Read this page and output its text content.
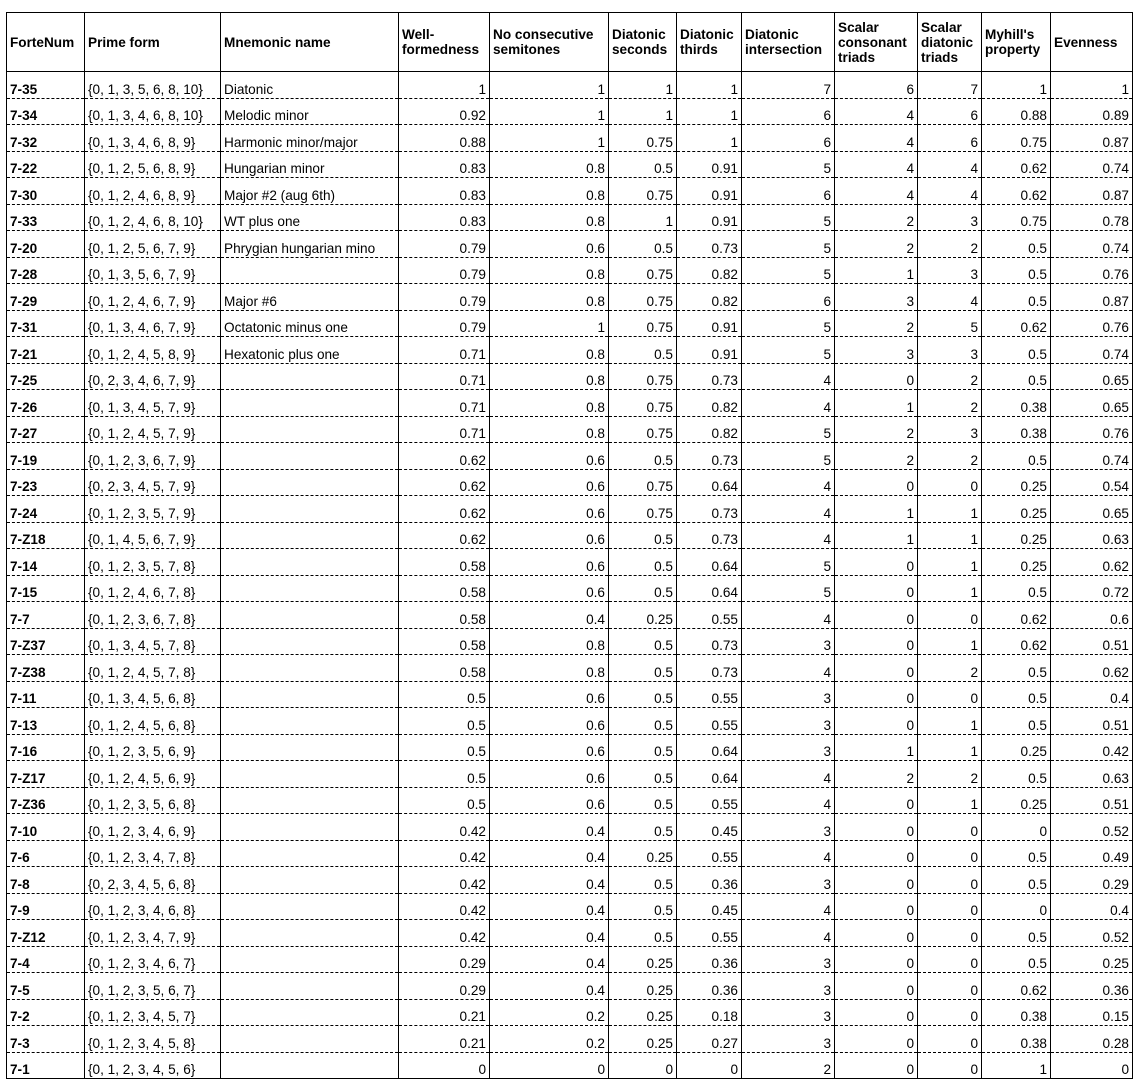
ForteNum	Prime form	Mnemonic name	Well-formedness	No consecutive semitones	Diatonic seconds	Diatonic thirds	Diatonic intersection	Scalar consonant triads	Scalar diatonic triads	Myhill's property	Evenness
7-35	{0, 1, 3, 5, 6, 8, 10}	Diatonic	1	1	1	1	7	6	7	1	1
7-34	{0, 1, 3, 4, 6, 8, 10}	Melodic minor	0.92	1	1	1	6	4	6	0.88	0.89
7-32	{0, 1, 3, 4, 6, 8, 9}	Harmonic minor/major	0.88	1	0.75	1	6	4	6	0.75	0.87
7-22	{0, 1, 2, 5, 6, 8, 9}	Hungarian minor	0.83	0.8	0.5	0.91	5	4	4	0.62	0.74
7-30	{0, 1, 2, 4, 6, 8, 9}	Major #2 (aug 6th)	0.83	0.8	0.75	0.91	6	4	4	0.62	0.87
7-33	{0, 1, 2, 4, 6, 8, 10}	WT plus one	0.83	0.8	1	0.91	5	2	3	0.75	0.78
7-20	{0, 1, 2, 5, 6, 7, 9}	Phrygian hungarian mino	0.79	0.6	0.5	0.73	5	2	2	0.5	0.74
7-28	{0, 1, 3, 5, 6, 7, 9}		0.79	0.8	0.75	0.82	5	1	3	0.5	0.76
7-29	{0, 1, 2, 4, 6, 7, 9}	Major #6	0.79	0.8	0.75	0.82	6	3	4	0.5	0.87
7-31	{0, 1, 3, 4, 6, 7, 9}	Octatonic minus one	0.79	1	0.75	0.91	5	2	5	0.62	0.76
7-21	{0, 1, 2, 4, 5, 8, 9}	Hexatonic plus one	0.71	0.8	0.5	0.91	5	3	3	0.5	0.74
7-25	{0, 2, 3, 4, 6, 7, 9}		0.71	0.8	0.75	0.73	4	0	2	0.5	0.65
7-26	{0, 1, 3, 4, 5, 7, 9}		0.71	0.8	0.75	0.82	4	1	2	0.38	0.65
7-27	{0, 1, 2, 4, 5, 7, 9}		0.71	0.8	0.75	0.82	5	2	3	0.38	0.76
7-19	{0, 1, 2, 3, 6, 7, 9}		0.62	0.6	0.5	0.73	5	2	2	0.5	0.74
7-23	{0, 2, 3, 4, 5, 7, 9}		0.62	0.6	0.75	0.64	4	0	0	0.25	0.54
7-24	{0, 1, 2, 3, 5, 7, 9}		0.62	0.6	0.75	0.73	4	1	1	0.25	0.65
7-Z18	{0, 1, 4, 5, 6, 7, 9}		0.62	0.6	0.5	0.73	4	1	1	0.25	0.63
7-14	{0, 1, 2, 3, 5, 7, 8}		0.58	0.6	0.5	0.64	5	0	1	0.25	0.62
7-15	{0, 1, 2, 4, 6, 7, 8}		0.58	0.6	0.5	0.64	5	0	1	0.5	0.72
7-7	{0, 1, 2, 3, 6, 7, 8}		0.58	0.4	0.25	0.55	4	0	0	0.62	0.6
7-Z37	{0, 1, 3, 4, 5, 7, 8}		0.58	0.8	0.5	0.73	3	0	1	0.62	0.51
7-Z38	{0, 1, 2, 4, 5, 7, 8}		0.58	0.8	0.5	0.73	4	0	2	0.5	0.62
7-11	{0, 1, 3, 4, 5, 6, 8}		0.5	0.6	0.5	0.55	3	0	0	0.5	0.4
7-13	{0, 1, 2, 4, 5, 6, 8}		0.5	0.6	0.5	0.55	3	0	1	0.5	0.51
7-16	{0, 1, 2, 3, 5, 6, 9}		0.5	0.6	0.5	0.64	3	1	1	0.25	0.42
7-Z17	{0, 1, 2, 4, 5, 6, 9}		0.5	0.6	0.5	0.64	4	2	2	0.5	0.63
7-Z36	{0, 1, 2, 3, 5, 6, 8}		0.5	0.6	0.5	0.55	4	0	1	0.25	0.51
7-10	{0, 1, 2, 3, 4, 6, 9}		0.42	0.4	0.5	0.45	3	0	0	0	0.52
7-6	{0, 1, 2, 3, 4, 7, 8}		0.42	0.4	0.25	0.55	4	0	0	0.5	0.49
7-8	{0, 2, 3, 4, 5, 6, 8}		0.42	0.4	0.5	0.36	3	0	0	0.5	0.29
7-9	{0, 1, 2, 3, 4, 6, 8}		0.42	0.4	0.5	0.45	4	0	0	0	0.4
7-Z12	{0, 1, 2, 3, 4, 7, 9}		0.42	0.4	0.5	0.55	4	0	0	0.5	0.52
7-4	{0, 1, 2, 3, 4, 6, 7}		0.29	0.4	0.25	0.36	3	0	0	0.5	0.25
7-5	{0, 1, 2, 3, 5, 6, 7}		0.29	0.4	0.25	0.36	3	0	0	0.62	0.36
7-2	{0, 1, 2, 3, 4, 5, 7}		0.21	0.2	0.25	0.18	3	0	0	0.38	0.15
7-3	{0, 1, 2, 3, 4, 5, 8}		0.21	0.2	0.25	0.27	3	0	0	0.38	0.28
7-1	{0, 1, 2, 3, 4, 5, 6}		0	0	0	0	2	0	0	1	0
